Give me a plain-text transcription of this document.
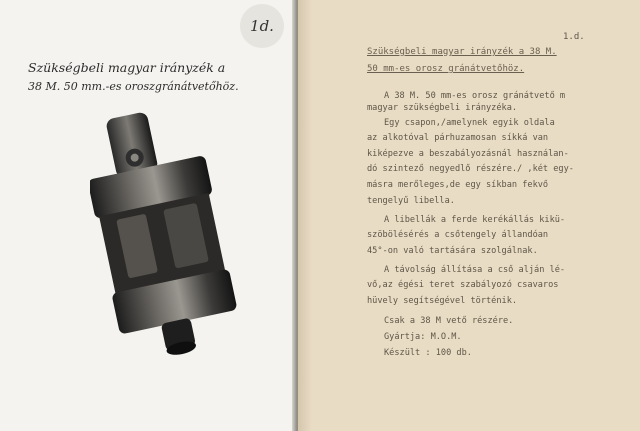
1d.
Szükségbeli magyar irányzék a
38 M. 50 mm.-es oroszgránátvetőhöz.
1.d.
Szükségbeli magyar irányzék a 38 M.
50 mm-es orosz gránátvetőhöz.
A 38 M. 50 mm-es orosz gránátvető m
magyar szükségbeli irányzéka.
Egy csapon,/amelynek egyik oldala
az alkotóval párhuzamosan síkká van
kiképezve a beszabályozásnál használan-
dó szintező negyedlő részére./ ,két egy-
másra merőleges,de egy síkban fekvő
tengelyű libella.
A libellák a ferde kerékállás kikü-
szöbölésérés a csőtengely állandóan
45°-on való tartására szolgálnak.
A távolság állítása a cső alján lé-
vő,az égési teret szabályozó csavaros
hüvely segítségével történik.
Csak a 38 M vető részére.
Gyártja: M.O.M.
Készült : 100 db.
